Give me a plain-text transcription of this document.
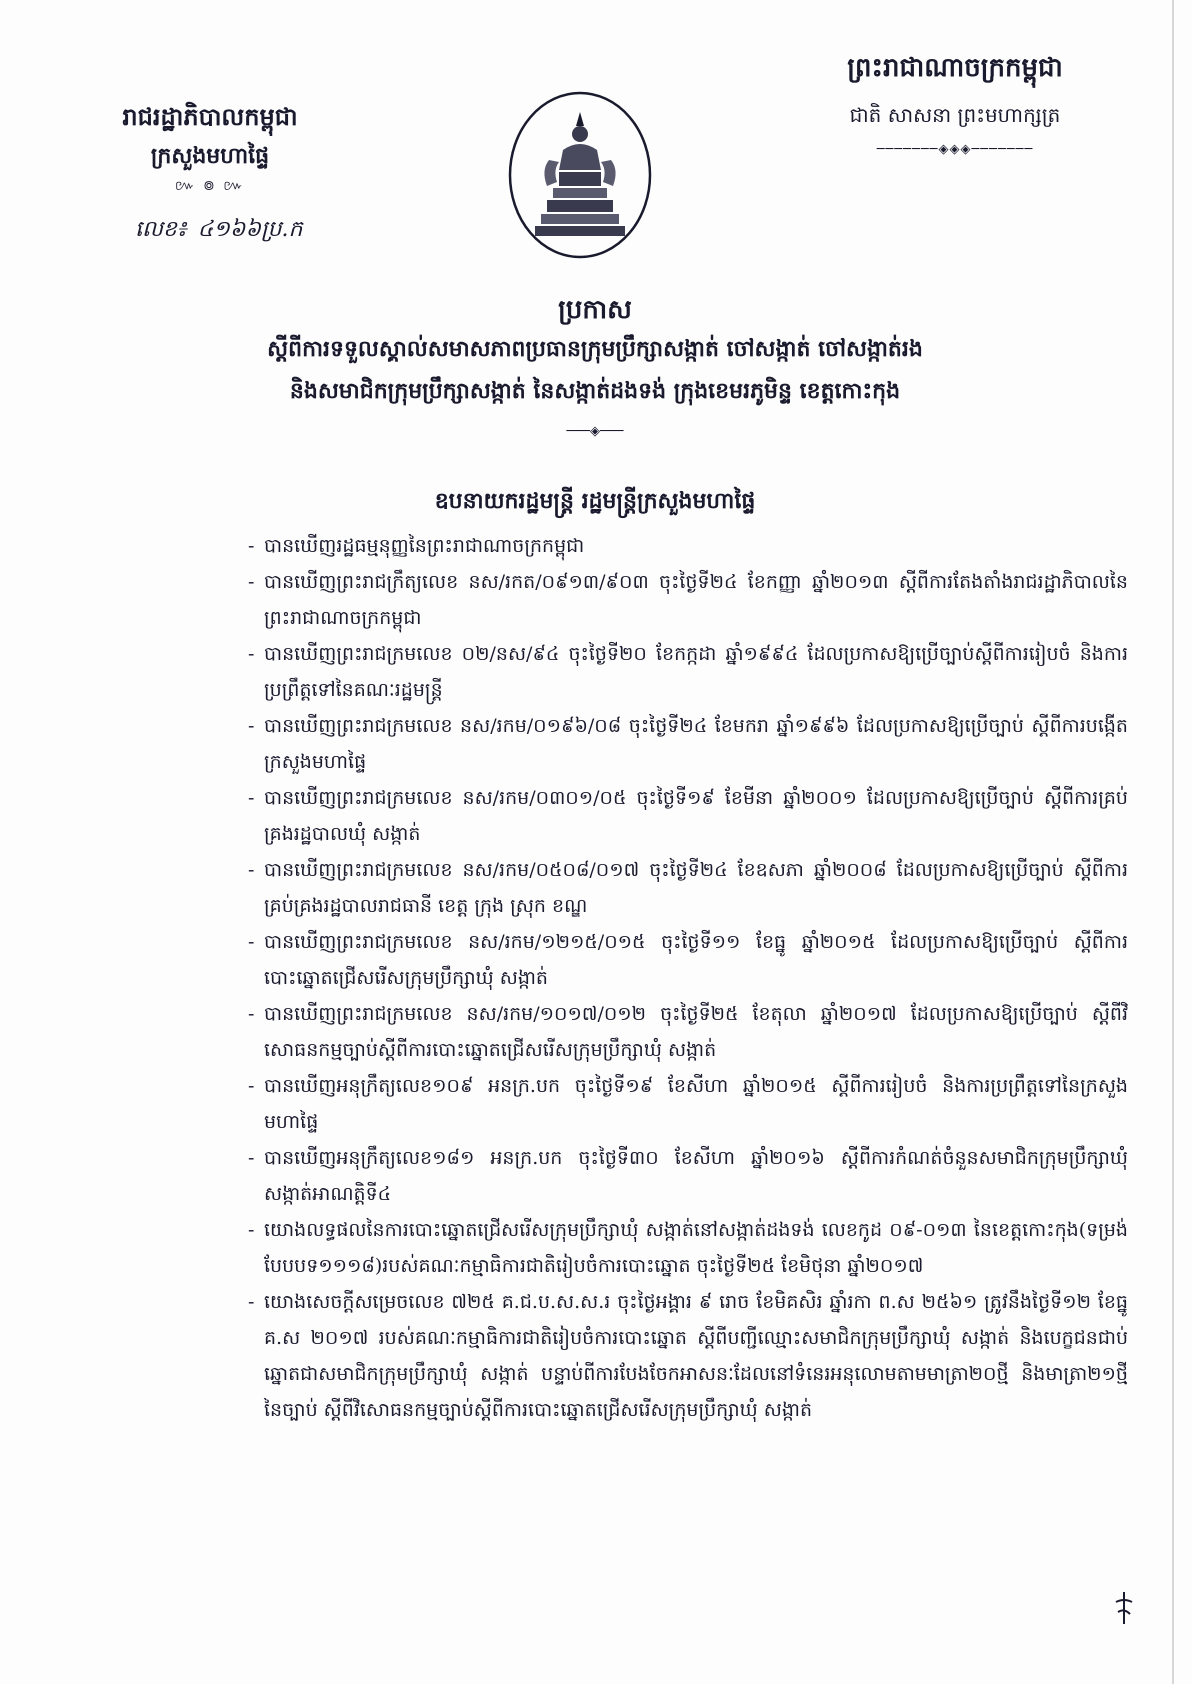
រាជរដ្ឋាភិបាលកម្ពុជា
ក្រសួងមហាផ្ទៃ
៚ ៙ ៚
លេខ៖ ៤១៦៦ប្រ.ក
ព្រះរាជាណាចក្រកម្ពុជា
ជាតិ សាសនា ព្រះមហាក្សត្រ
───────◈◈◈───────
ប្រកាស
ស្តីពីការទទួលស្គាល់សមាសភាពប្រធានក្រុមប្រឹក្សាសង្កាត់ ចៅសង្កាត់ ចៅសង្កាត់រង
និងសមាជិកក្រុមប្រឹក្សាសង្កាត់ នៃសង្កាត់ដងទង់ ក្រុងខេមរភូមិន្ទ ខេត្តកោះកុង
───◈───
ឧបនាយករដ្ឋមន្រ្តី រដ្ឋមន្រ្តីក្រសួងមហាផ្ទៃ
- បានឃើញរដ្ឋធម្មនុញ្ញនៃព្រះរាជាណាចក្រកម្ពុជា
- បានឃើញព្រះរាជក្រឹត្យលេខ នស/រកត/០៩១៣/៩០៣ ចុះថ្ងៃទី២៤ ខែកញ្ញា ឆ្នាំ២០១៣ ស្តីពីការតែងតាំងរាជរដ្ឋាភិបាលនៃព្រះរាជាណាចក្រកម្ពុជា
- បានឃើញព្រះរាជក្រមលេខ ០២/នស/៩៤ ចុះថ្ងៃទី២០ ខែកក្កដា ឆ្នាំ១៩៩៤ ដែលប្រកាសឱ្យប្រើច្បាប់ស្តីពីការរៀបចំ និងការប្រព្រឹត្តទៅនៃគណៈរដ្ឋមន្ត្រី
- បានឃើញព្រះរាជក្រមលេខ នស/រកម/០១៩៦/០៨ ចុះថ្ងៃទី២៤ ខែមករា ឆ្នាំ១៩៩៦ ដែលប្រកាសឱ្យប្រើច្បាប់ ស្តីពីការបង្កើតក្រសួងមហាផ្ទៃ
- បានឃើញព្រះរាជក្រមលេខ នស/រកម/០៣០១/០៥ ចុះថ្ងៃទី១៩ ខែមីនា ឆ្នាំ២០០១ ដែលប្រកាសឱ្យប្រើច្បាប់ ស្តីពីការគ្រប់គ្រងរដ្ឋបាលឃុំ សង្កាត់
- បានឃើញព្រះរាជក្រមលេខ នស/រកម/០៥០៨/០១៧ ចុះថ្ងៃទី២៤ ខែឧសភា ឆ្នាំ២០០៨ ដែលប្រកាសឱ្យប្រើច្បាប់ ស្តីពីការគ្រប់គ្រងរដ្ឋបាលរាជធានី ខេត្ត ក្រុង ស្រុក ខណ្ឌ
- បានឃើញព្រះរាជក្រមលេខ នស/រកម/១២១៥/០១៥ ចុះថ្ងៃទី១១ ខែធ្នូ ឆ្នាំ២០១៥ ដែលប្រកាសឱ្យប្រើច្បាប់ ស្តីពីការបោះឆ្នោតជ្រើសរើសក្រុមប្រឹក្សាឃុំ សង្កាត់
- បានឃើញព្រះរាជក្រមលេខ នស/រកម/១០១៧/០១២ ចុះថ្ងៃទី២៥ ខែតុលា ឆ្នាំ២០១៧ ដែលប្រកាសឱ្យប្រើច្បាប់ ស្តីពីវិសោធនកម្មច្បាប់ស្តីពីការបោះឆ្នោតជ្រើសរើសក្រុមប្រឹក្សាឃុំ សង្កាត់
- បានឃើញអនុក្រឹត្យលេខ១០៩ អនក្រ.បក ចុះថ្ងៃទី១៩ ខែសីហា ឆ្នាំ២០១៥ ស្តីពីការរៀបចំ និងការប្រព្រឹត្តទៅនៃក្រសួងមហាផ្ទៃ
- បានឃើញអនុក្រឹត្យលេខ១៨១ អនក្រ.បក ចុះថ្ងៃទី៣០ ខែសីហា ឆ្នាំ២០១៦ ស្តីពីការកំណត់ចំនួនសមាជិកក្រុមប្រឹក្សាឃុំ សង្កាត់អាណត្តិទី៤
- យោងលទ្ធផលនៃការបោះឆ្នោតជ្រើសរើសក្រុមប្រឹក្សាឃុំ សង្កាត់នៅសង្កាត់ដងទង់ លេខកូដ ០៩-០១៣ នៃខេត្តកោះកុង(ទម្រង់បែបបទ១១១៨)របស់គណៈកម្មាធិការជាតិរៀបចំការបោះឆ្នោត ចុះថ្ងៃទី២៥ ខែមិថុនា ឆ្នាំ២០១៧
- យោងសេចក្តីសម្រេចលេខ ៧២៥ គ.ជ.ប.ស.ស.រ ចុះថ្ងៃអង្គារ ៩ រោច ខែមិគសិរ ឆ្នាំរកា ព.ស ២៥៦១ ត្រូវនឹងថ្ងៃទី១២ ខែធ្នូ គ.ស ២០១៧ របស់គណៈកម្មាធិការជាតិរៀបចំការបោះឆ្នោត ស្តីពីបញ្ជីឈ្មោះសមាជិកក្រុមប្រឹក្សាឃុំ សង្កាត់ និងបេក្ខជនជាប់ឆ្នោតជាសមាជិកក្រុមប្រឹក្សាឃុំ សង្កាត់ បន្ទាប់ពីការបែងចែកអាសនៈដែលនៅទំនេរអនុលោមតាមមាត្រា២០ថ្មី និងមាត្រា២១ថ្មី នៃច្បាប់ ស្តីពីវិសោធនកម្មច្បាប់ស្តីពីការបោះឆ្នោតជ្រើសរើសក្រុមប្រឹក្សាឃុំ សង្កាត់
